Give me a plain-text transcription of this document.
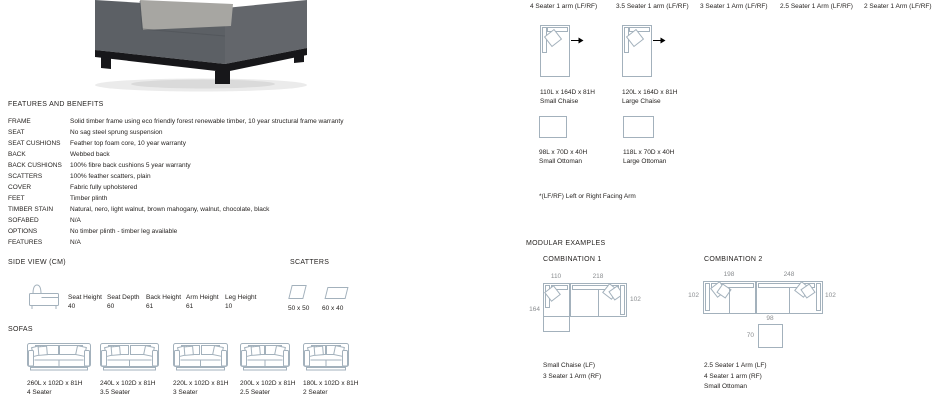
FEATURES AND BENEFITS
FRAME	Solid timber frame using eco friendly forest renewable timber, 10 year structural frame warranty
SEAT	No sag steel sprung suspension
SEAT CUSHIONS	Feather top foam core, 10 year warranty
BACK	Webbed back
BACK CUSHIONS	100% fibre back cushions 5 year warranty
SCATTERS	100% feather scatters, plain
COVER	Fabric fully upholstered
FEET	Timber plinth
TIMBER STAIN	Natural, nero, light walnut, brown mahogany, walnut, chocolate, black
SOFABED	N/A
OPTIONS	No timber plinth - timber leg available
FEATURES	N/A
SIDE VIEW (CM)
Seat Height
40
Seat Depth
60
Back Height
61
Arm Height
61
Leg Height
10
SCATTERS
50 x 50 60 x 40
SOFAS
260L x 102D x 81H
4 Seater
240L x 102D x 81H
3.5 Seater
220L x 102D x 81H
3 Seater
200L x 102D x 81H
2.5 Seater
180L x 102D x 81H
2 Seater
4 Seater 1 arm (LF/RF)	3.5 Seater 1 arm (LF/RF) 3 Seater 1 Arm (LF/RF) 2.5 Seater 1 Arm (LF/RF) 2 Seater 1 Arm (LF/RF)
110L x 164D x 81H
Small Chaise
120L x 164D x 81H
Large Chaise
98L x 70D x 40H
Small Ottoman
118L x 70D x 40H
Large Ottoman
*(LF/RF) Left or Right Facing Arm
MODULAR EXAMPLES
COMBINATION 1
110	218
164
102
Small Chaise (LF)
3 Seater 1 Arm (RF)
COMBINATION 2
198	248
102	102
98
70
2.5 Seater 1 Arm (LF)
4 Seater 1 arm (RF)
Small Ottoman
